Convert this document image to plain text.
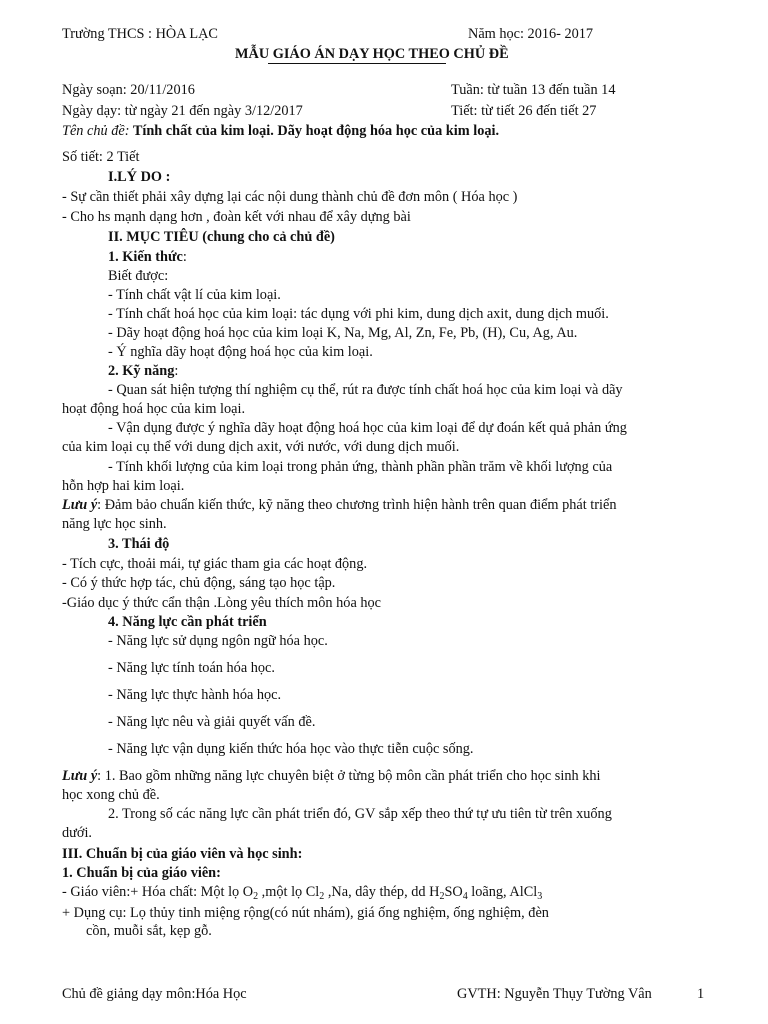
Trường THCS : HÒA LẠC	Năm học: 2016- 2017
MẪU GIÁO ÁN DẠY HỌC THEO CHỦ ĐỀ
Ngày soạn: 20/11/2016	Tuần: từ tuần 13 đến tuần 14
Ngày dạy: từ ngày 21 đến ngày 3/12/2017	Tiết: từ tiết 26 đến tiết 27
Tên chủ đề: Tính chất của kim loại. Dãy hoạt động hóa học của kim loại.
Số tiết: 2 Tiết
I.LÝ DO :
- Sự cần thiết phải xây dựng lại các nội dung thành chủ đề đơn môn ( Hóa học )
- Cho hs mạnh dạng hơn , đoàn kết với nhau để xây dựng bài
II. MỤC TIÊU (chung cho cả chủ đề)
1. Kiến thức:
Biết được:
- Tính chất vật lí của kim loại.
- Tính chất hoá học của kim loại: tác dụng với phi kim, dung dịch axit, dung dịch muối.
- Dãy hoạt động hoá học của kim loại K, Na, Mg, Al, Zn, Fe, Pb, (H), Cu, Ag, Au.
- Ý nghĩa dãy hoạt động hoá học của kim loại.
2. Kỹ năng:
- Quan sát hiện tượng thí nghiệm cụ thể, rút ra được tính chất hoá học của kim loại và dãy
hoạt động hoá học của kim loại.
- Vận dụng được ý nghĩa dãy hoạt động hoá học của kim loại để dự đoán kết quả phản ứng
của kim loại cụ thể với dung dịch axit, với nước, với dung dịch muối.
- Tính khối lượng của kim loại trong phản ứng, thành phần phần trăm về khối lượng của
hỗn hợp hai kim loại.
Lưu ý: Đảm bảo chuẩn kiến thức, kỹ năng theo chương trình hiện hành trên quan điểm phát triển
năng lực học sinh.
3. Thái độ
- Tích cực, thoải mái, tự giác tham gia các hoạt động.
- Có ý thức hợp tác, chủ động, sáng tạo học tập.
-Giáo dục ý thức cẩn thận .Lòng yêu thích môn hóa học
4. Năng lực cần phát triển
- Năng lực sử dụng ngôn ngữ hóa học.
- Năng lực tính toán hóa học.
- Năng lực thực hành hóa học.
- Năng lực nêu và giải quyết vấn đề.
- Năng lực vận dụng kiến thức hóa học vào thực tiễn cuộc sống.
Lưu ý: 1. Bao gồm những năng lực chuyên biệt ở từng bộ môn cần phát triển cho học sinh khi
học xong chủ đề.
2. Trong số các năng lực cần phát triển đó, GV sắp xếp theo thứ tự ưu tiên từ trên xuống
dưới.
III. Chuẩn bị của giáo viên và học sinh:
1. Chuẩn bị của giáo viên:
- Giáo viên:+ Hóa chất: Một lọ $O_2$ ,một lọ $Cl_2$ ,Na, dây thép, dd $H_2SO_4$ loãng, AlCl$_3$
+ Dụng cụ: Lọ thủy tinh miệng rộng(có nút nhám), giá ống nghiệm, ống nghiệm, đèn
cồn, muỗi sắt, kẹp gỗ.
Chủ đề giảng dạy môn:Hóa Học	GVTH: Nguyễn Thụy Tường Vân	1
